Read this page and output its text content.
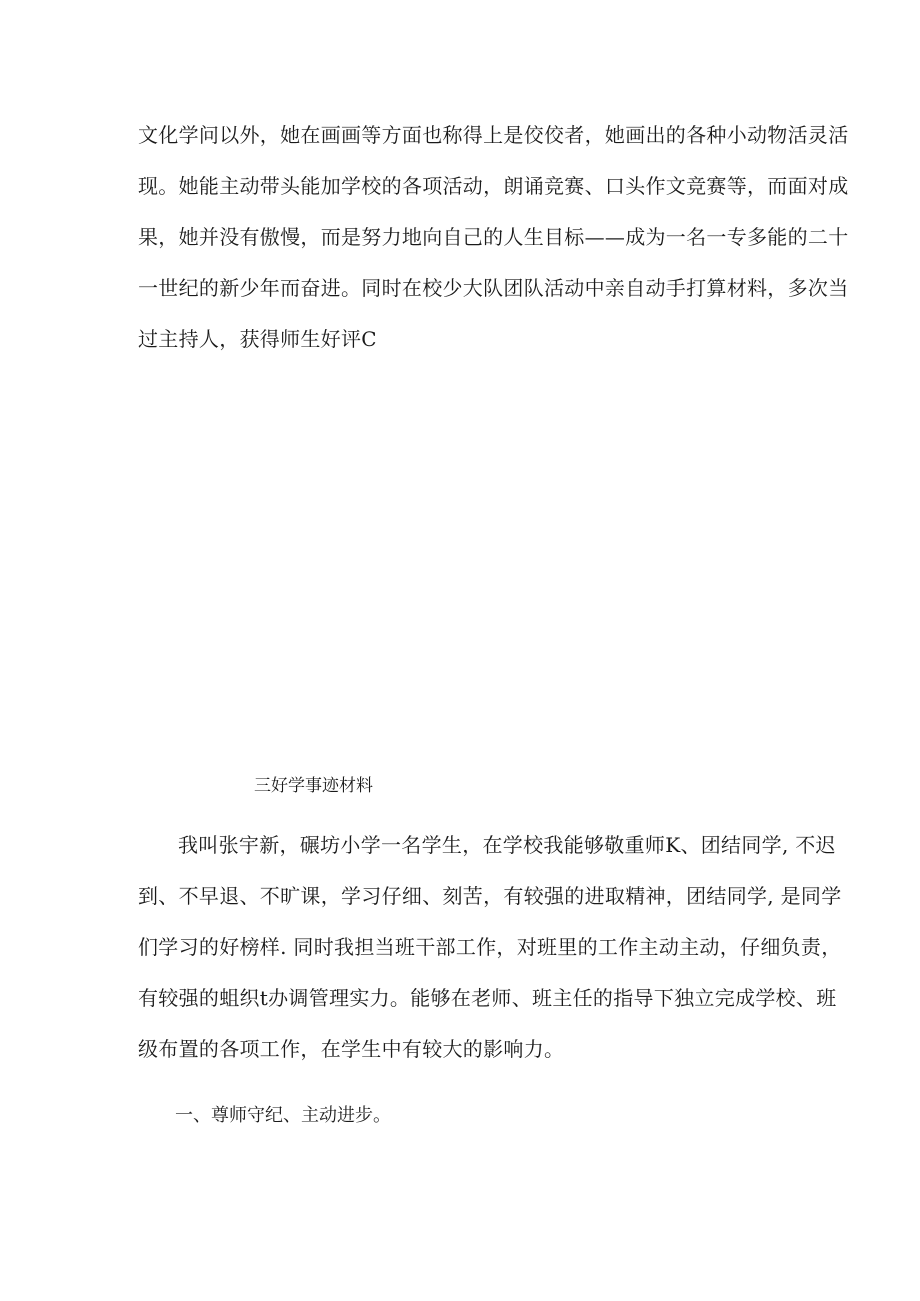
文化学问以外，她在画画等方面也称得上是佼佼者，她画出的各种小动物活灵活
现。她能主动带头能加学校的各项活动，朗诵竞赛、口头作文竞赛等，而面对成
果，她并没有傲慢，而是努力地向自己的人生目标——成为一名一专多能的二十
一世纪的新少年而奋进。同时在校少大队团队活动中亲自动手打算材料，多次当
过主持人，获得师生好评C
三好学事迹材料
我叫张宇新，碾坊小学一名学生，在学校我能够敬重师K、团结同学, 不迟
到、不早退、不旷课，学习仔细、刻苦，有较强的进取精神，团结同学, 是同学
们学习的好榜样. 同时我担当班干部工作，对班里的工作主动主动，仔细负责，
有较强的蛆织t办调管理实力。能够在老师、班主任的指导下独立完成学校、班
级布置的各项工作，在学生中有较大的影响力。
一、尊师守纪、主动进步。
